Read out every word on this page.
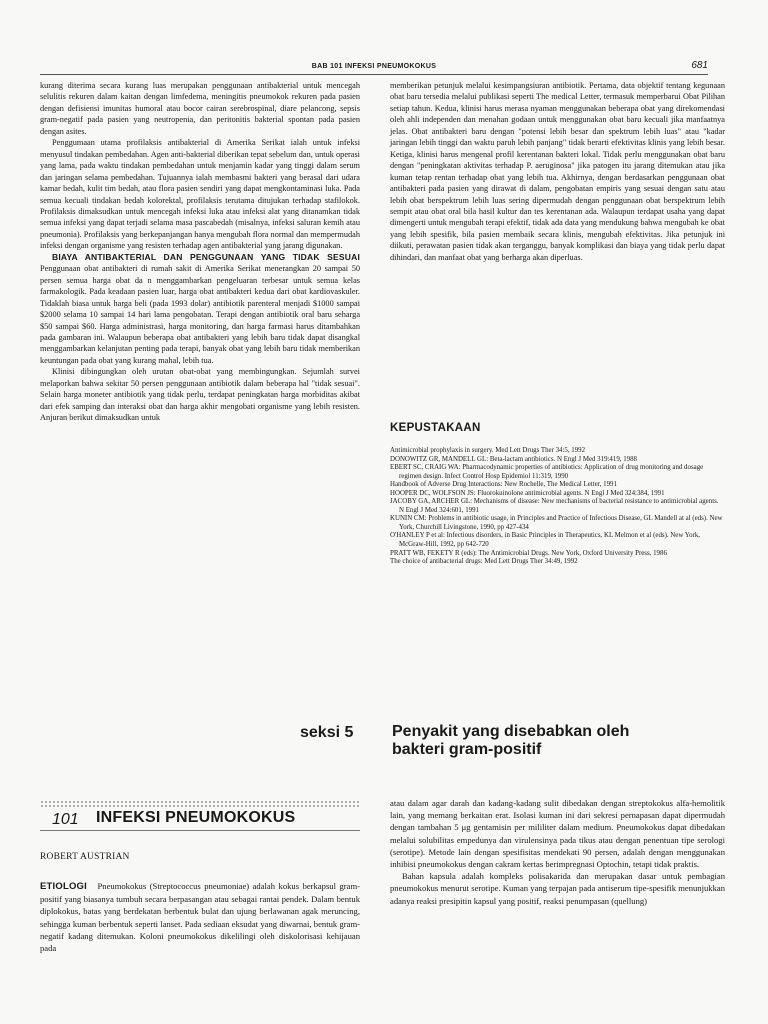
BAB 101 INFEKSI PNEUMOKOKUS	681

kurang diterima secara kurang luas merupakan penggunaan antibakterial untuk mencegah selulitis rekuren dalam kaitan dengan limfedema, meningitis pneumokok rekuren pada pasien dengan defisiensi imunitas humoral atau bocor cairan serebrospinal, diare pelancong, sepsis gram-negatif pada pasien yang neutropenia, dan peritonitis bakterial spontan pada pasien dengan asites.

Penggumaan utama profilaksis antibakterial di Amerika Serikat ialah untuk infeksi menyusul tindakan pembedahan. Agen anti-bakterial diberikan tepat sebelum dan, untuk operasi yang lama, pada waktu tindakan pembedahan untuk menjamin kadar yang tinggi dalam serum dan jaringan selama pembedahan. Tujuannya ialah membasmi bakteri yang berasal dari udara kamar bedah, kulit tim bedah, atau flora pasien sendiri yang dapat mengkontaminasi luka. Pada semua kecuali tindakan bedah kolorektal, profilaksis terutama ditujukan terhadap stafilokok. Profilaksis dimaksudkan untuk mencegah infeksi luka atau infeksi alat yang ditanamkan tidak semua infeksi yang dapat terjadi selama masa pascabedah (misalnya, infeksi saluran kemih atau pneumonia). Profilaksis yang berkepanjangan hanya mengubah flora normal dan mempermudah infeksi dengan organisme yang resisten terhadap agen antibakterial yang jarang digunakan.

BIAYA ANTIBAKTERIAL DAN PENGGUNAAN YANG TIDAK SESUAI Penggunaan obat antibakteri di rumah sakit di Amerika Serikat menerangkan 20 sampai 50 persen semua harga obat da n menggambarkan pengeluaran terbesar untuk semua kelas farmakologik. Pada keadaan pasien luar, harga obat antibakteri kedua dari obat kardiovaskuler. Tidaklah biasa untuk harga beli (pada 1993 dolar) antibiotik parenteral menjadi $1000 sampai $2000 selama 10 sampai 14 hari lama pengobatan. Terapi dengan antibiotik oral baru seharga $50 sampai $60. Harga administrasi, harga monitoring, dan harga farmasi harus ditambahkan pada gambaran ini. Walaupun beberapa obat antibakteri yang lebih baru tidak dapat disangkal menggambarkan kelanjutan penting pada terapi, banyak obat yang lebih baru tidak memberikan keuntungan pada obat yang kurang mahal, lebih tua.

Klinisi dibingungkan oleh urutan obat-obat yang membingungkan. Sejumlah survei melaporkan bahwa sekitar 50 persen penggunaan antibiotik dalam beberapa hal "tidak sesuai". Selain harga moneter antibiotik yang tidak perlu, terdapat peningkatan harga morbiditas akibat dari efek samping dan interaksi obat dan harga akhir mengobati organisme yang lebih resisten. Anjuran berikut dimaksudkan untuk

memberikan petunjuk melalui kesimpangsiuran antibiotik. Pertama, data objektif tentang kegunaan obat baru tersedia melalui publikasi seperti The medical Letter, termasuk memperbarui Obat Pilihan setiap tahun. Kedua, klinisi harus merasa nyaman menggunakan beberapa obat yang direkomendasi oleh ahli independen dan menahan godaan untuk menggunakan obat baru kecuali jika manfaatnya jelas. Obat antibakteri baru dengan "potensi lebih besar dan spektrum lebih luas" atau "kadar jaringan lebih tinggi dan waktu paruh lebih panjang" tidak berarti efektivitas klinis yang lebih besar. Ketiga, klinisi harus mengenal profil kerentanan bakteri lokal. Tidak perlu menggunakan obat baru dengan "peningkatan aktivitas terhadap P. aeruginosa" jika patogen itu jarang ditemukan atau jika kuman tetap rentan terhadap obat yang lebih tua. Akhirnya, dengan berdasarkan penggunaan obat antibakteri pada pasien yang dirawat di dalam, pengobatan empiris yang sesuai dengan satu atau lebih obat berspektrum lebih luas sering dipermudah dengan penggunaan obat berspektrum lebih sempit atau obat oral bila hasil kultur dan tes kerentanan ada. Walaupun terdapat usaha yang dapat dimengerti untuk mengubah terapi efektif, tidak ada data yang mendukung bahwa mengubah ke obat yang lebih spesifik, bila pasien membaik secara klinis, mengubah efektivitas. Jika petunjuk ini diikuti, perawatan pasien tidak akan terganggu, banyak komplikasi dan biaya yang tidak perlu dapat dihindari, dan manfaat obat yang berharga akan diperluas.

KEPUSTAKAAN
Antimicrobial prophylaxis in surgery. Med Lett Drugs Ther 34:5, 1992
DONOWITZ GR, MANDELL GL: Beta-lactam antibiotics. N Engl J Med 319:419, 1988
EBERT SC, CRAIG WA: Pharmacodynamic properties of antibiotics: Application of drug monitoring and dosage regimen design. Infect Control Hosp Epidemiol 11:319, 1990
Handbook of Adverse Drug Interactions: New Rochelle, The Medical Letter, 1991
HOOPER DC, WOLFSON JS: Fluorokuinolone antimicrobial agents. N Engl J Med 324:384, 1991
JACOBY GA, ARCHER GL: Mechanisms of disease: New mechanisms of bacterial resistance to antimicrobial agents. N Engl J Med 324:601, 1991
KUNIN CM: Problems in antibiotic usage, in Principles and Practice of Infectious Disease, GL Mandell at al (eds). New York, Churchill Livingstone, 1990, pp 427-434
O'HANLEY P et al: Infectious disorders, in Basic Principles in Therapeutics, KL Melmon et al (eds). New York, McGraw-Hill, 1992, pp 642-720
PRATT WB, FEKETY R (eds): The Antimicrobial Drugs. New York, Oxford University Press, 1986
The choice of antibacterial drugs: Med Lett Drugs Ther 34:49, 1992
seksi 5 Penyakit yang disebabkan oleh
bakteri gram-positif
101 INFEKSI PNEUMOKOKUS
ROBERT AUSTRIAN

ETIOLOGI Pneumokokus (Streptococcus pneumoniae) adalah kokus berkapsul gram-positif yang biasanya tumbuh secara berpasangan atau sebagai rantai pendek. Dalam bentuk diplokokus, batas yang berdekatan berbentuk bulat dan ujung berlawanan agak meruncing, sehingga kuman berbentuk seperti lanset. Pada sediaan eksudat yang diwarnai, bentuk gram-negatif kadang ditemukan. Koloni pneumokokus dikelilingi oleh diskolorisasi kehijauan pada

atau dalam agar darah dan kadang-kadang sulit dibedakan dengan streptokokus alfa-hemolitik lain, yang memang berkaitan erat. Isolasi kuman ini dari sekresi pernapasan dapat dipermudah dengan tambahan 5 μg gentamisin per mililiter dalam medium. Pneumokokus dapat dibedakan melalui solubilitas empedunya dan virulensinya pada tikus atau dengan penentuan tipe serologi (serotipe). Metode lain dengan spesifisitas mendekati 90 persen, adalah dengan menggunakan inhibisi pneumokokus dengan cakram kertas berimpregnasi Optochin, tetapi tidak praktis.

Bahan kapsula adalah kompleks polisakarida dan merupakan dasar untuk pembagian pneumokokus menurut serotipe. Kuman yang terpajan pada antiserum tipe-spesifik menunjukkan adanya reaksi presipitin kapsul yang positif, reaksi penumpasan (quellung)
